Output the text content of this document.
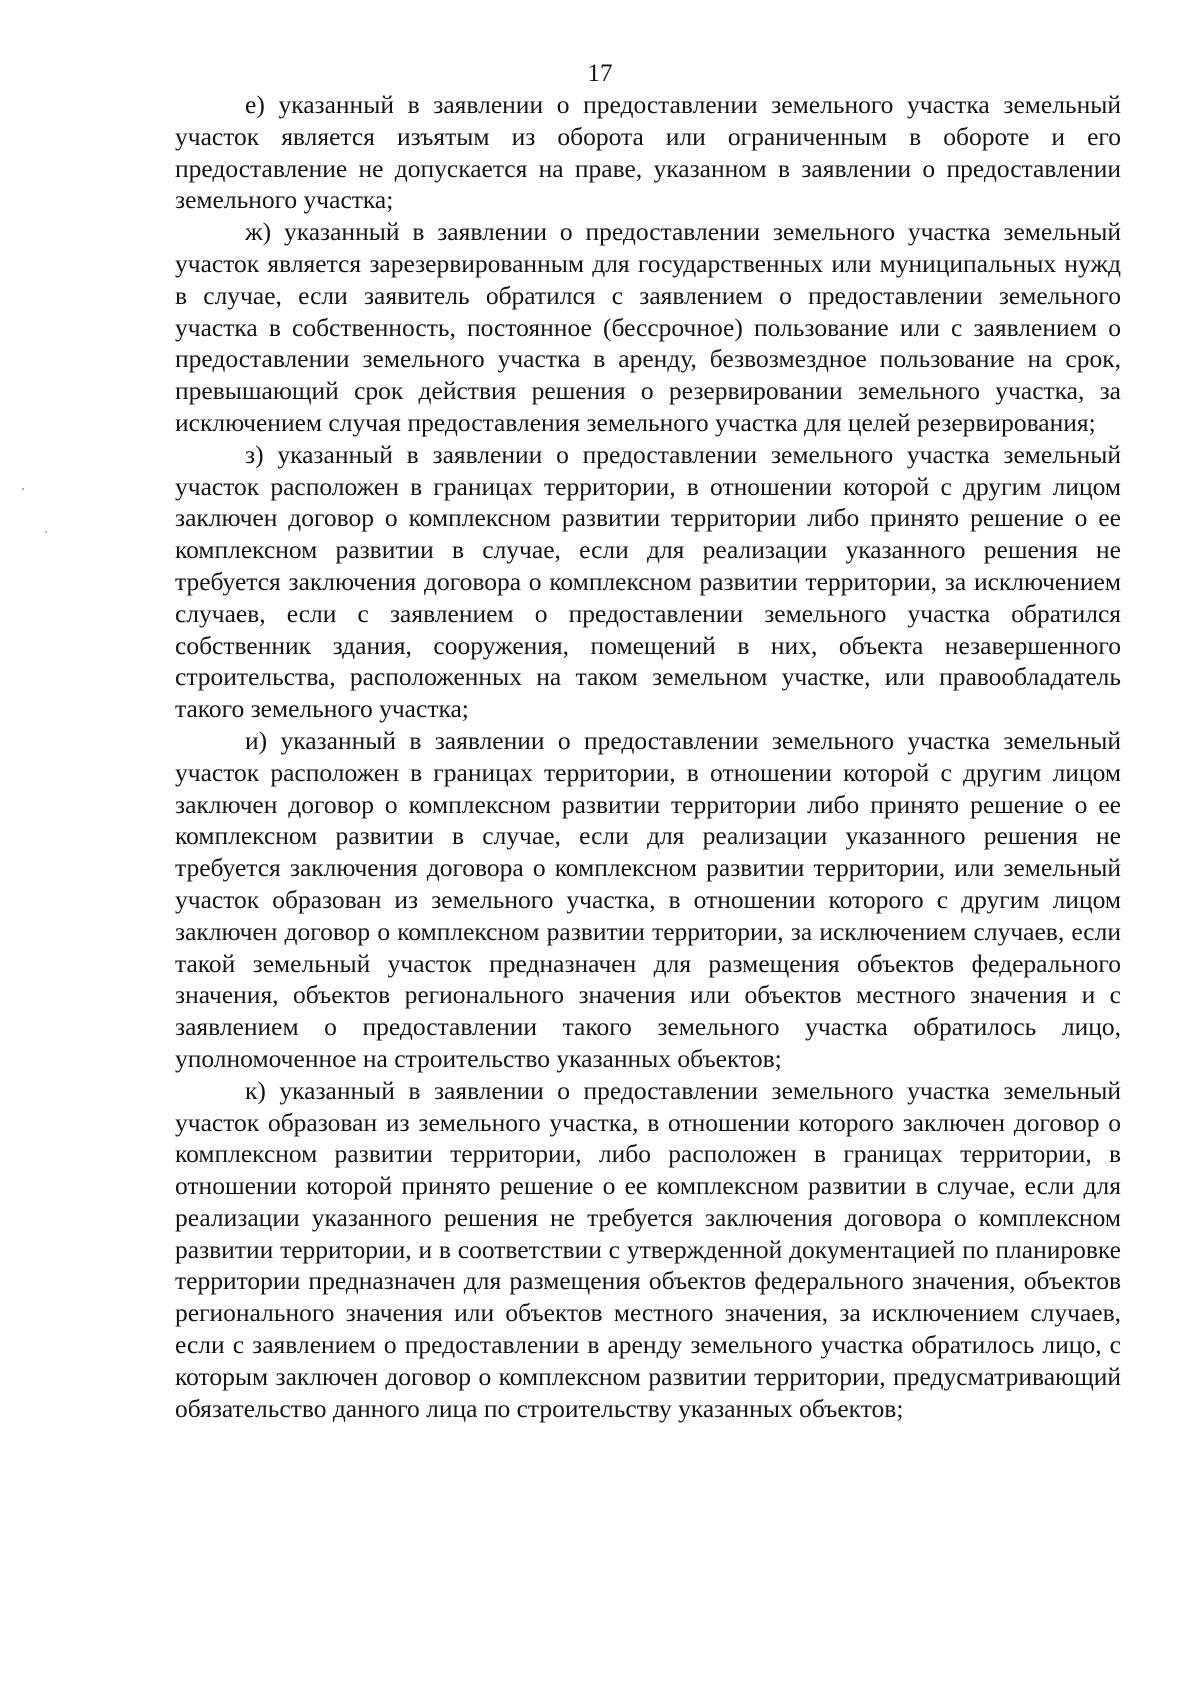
17

е) указанный в заявлении о предоставлении земельного участка земельный участок является изъятым из оборота или ограниченным в обороте и его предоставление не допускается на праве, указанном в заявлении о предоставлении земельного участка;

ж) указанный в заявлении о предоставлении земельного участка земельный участок является зарезервированным для государственных или муниципальных нужд в случае, если заявитель обратился с заявлением о предоставлении земельного участка в собственность, постоянное (бессрочное) пользование или с заявлением о предоставлении земельного участка в аренду, безвозмездное пользование на срок, превышающий срок действия решения о резервировании земельного участка, за исключением случая предоставления земельного участка для целей резервирования;

з) указанный в заявлении о предоставлении земельного участка земельный участок расположен в границах территории, в отношении которой с другим лицом заключен договор о комплексном развитии территории либо принято решение о ее комплексном развитии в случае, если для реализации указанного решения не требуется заключения договора о комплексном развитии территории, за исключением случаев, если с заявлением о предоставлении земельного участка обратился собственник здания, сооружения, помещений в них, объекта незавершенного строительства, расположенных на таком земельном участке, или правообладатель такого земельного участка;

и) указанный в заявлении о предоставлении земельного участка земельный участок расположен в границах территории, в отношении которой с другим лицом заключен договор о комплексном развитии территории либо принято решение о ее комплексном развитии в случае, если для реализации указанного решения не требуется заключения договора о комплексном развитии территории, или земельный участок образован из земельного участка, в отношении которого с другим лицом заключен договор о комплексном развитии территории, за исключением случаев, если такой земельный участок предназначен для размещения объектов федерального значения, объектов регионального значения или объектов местного значения и с заявлением о предоставлении такого земельного участка обратилось лицо, уполномоченное на строительство указанных объектов;

к) указанный в заявлении о предоставлении земельного участка земельный участок образован из земельного участка, в отношении которого заключен договор о комплексном развитии территории, либо расположен в границах территории, в отношении которой принято решение о ее комплексном развитии в случае, если для реализации указанного решения не требуется заключения договора о комплексном развитии территории, и в соответствии с утвержденной документацией по планировке территории предназначен для размещения объектов федерального значения, объектов регионального значения или объектов местного значения, за исключением случаев, если с заявлением о предоставлении в аренду земельного участка обратилось лицо, с которым заключен договор о комплексном развитии территории, предусматривающий обязательство данного лица по строительству указанных объектов;
